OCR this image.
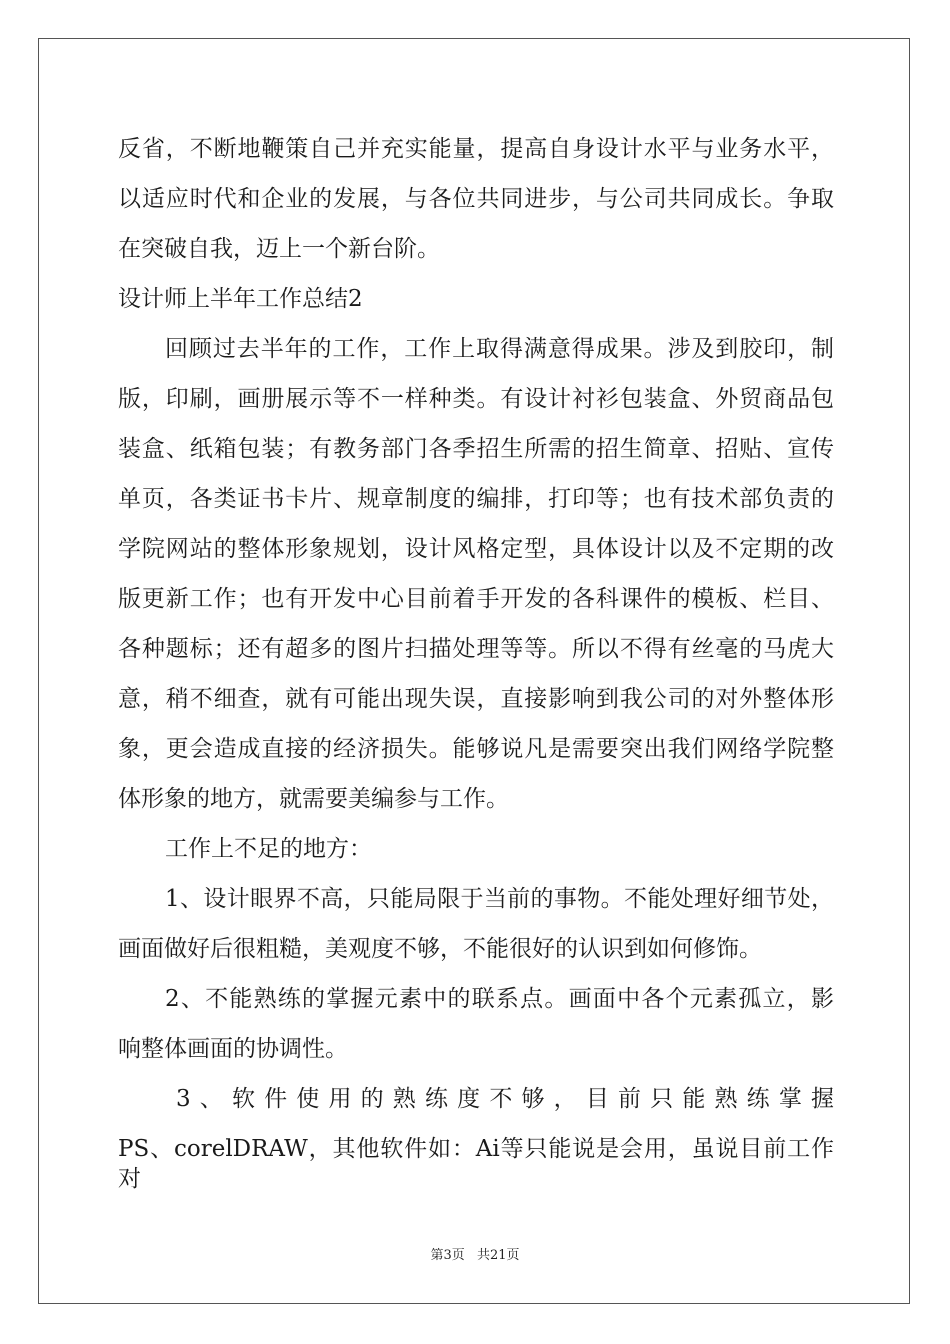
反省，不断地鞭策自己并充实能量，提高自身设计水平与业务水平，
以适应时代和企业的发展，与各位共同进步，与公司共同成长。争取
在突破自我，迈上一个新台阶。
设计师上半年工作总结2
回顾过去半年的工作，工作上取得满意得成果。涉及到胶印，制
版，印刷，画册展示等不一样种类。有设计衬衫包装盒、外贸商品包
装盒、纸箱包装；有教务部门各季招生所需的招生简章、招贴、宣传
单页，各类证书卡片、规章制度的编排，打印等；也有技术部负责的
学院网站的整体形象规划，设计风格定型，具体设计以及不定期的改
版更新工作；也有开发中心目前着手开发的各科课件的模板、栏目、
各种题标；还有超多的图片扫描处理等等。所以不得有丝毫的马虎大
意，稍不细查，就有可能出现失误，直接影响到我公司的对外整体形
象，更会造成直接的经济损失。能够说凡是需要突出我们网络学院整
体形象的地方，就需要美编参与工作。
工作上不足的地方：
1、设计眼界不高，只能局限于当前的事物。不能处理好细节处，
画面做好后很粗糙，美观度不够，不能很好的认识到如何修饰。
2、不能熟练的掌握元素中的联系点。画面中各个元素孤立，影
响整体画面的协调性。
3、软件使用的熟练度不够，目前只能熟练掌握
PS、corelDRAW，其他软件如：Ai等只能说是会用，虽说目前工作对
第3页 共21页
